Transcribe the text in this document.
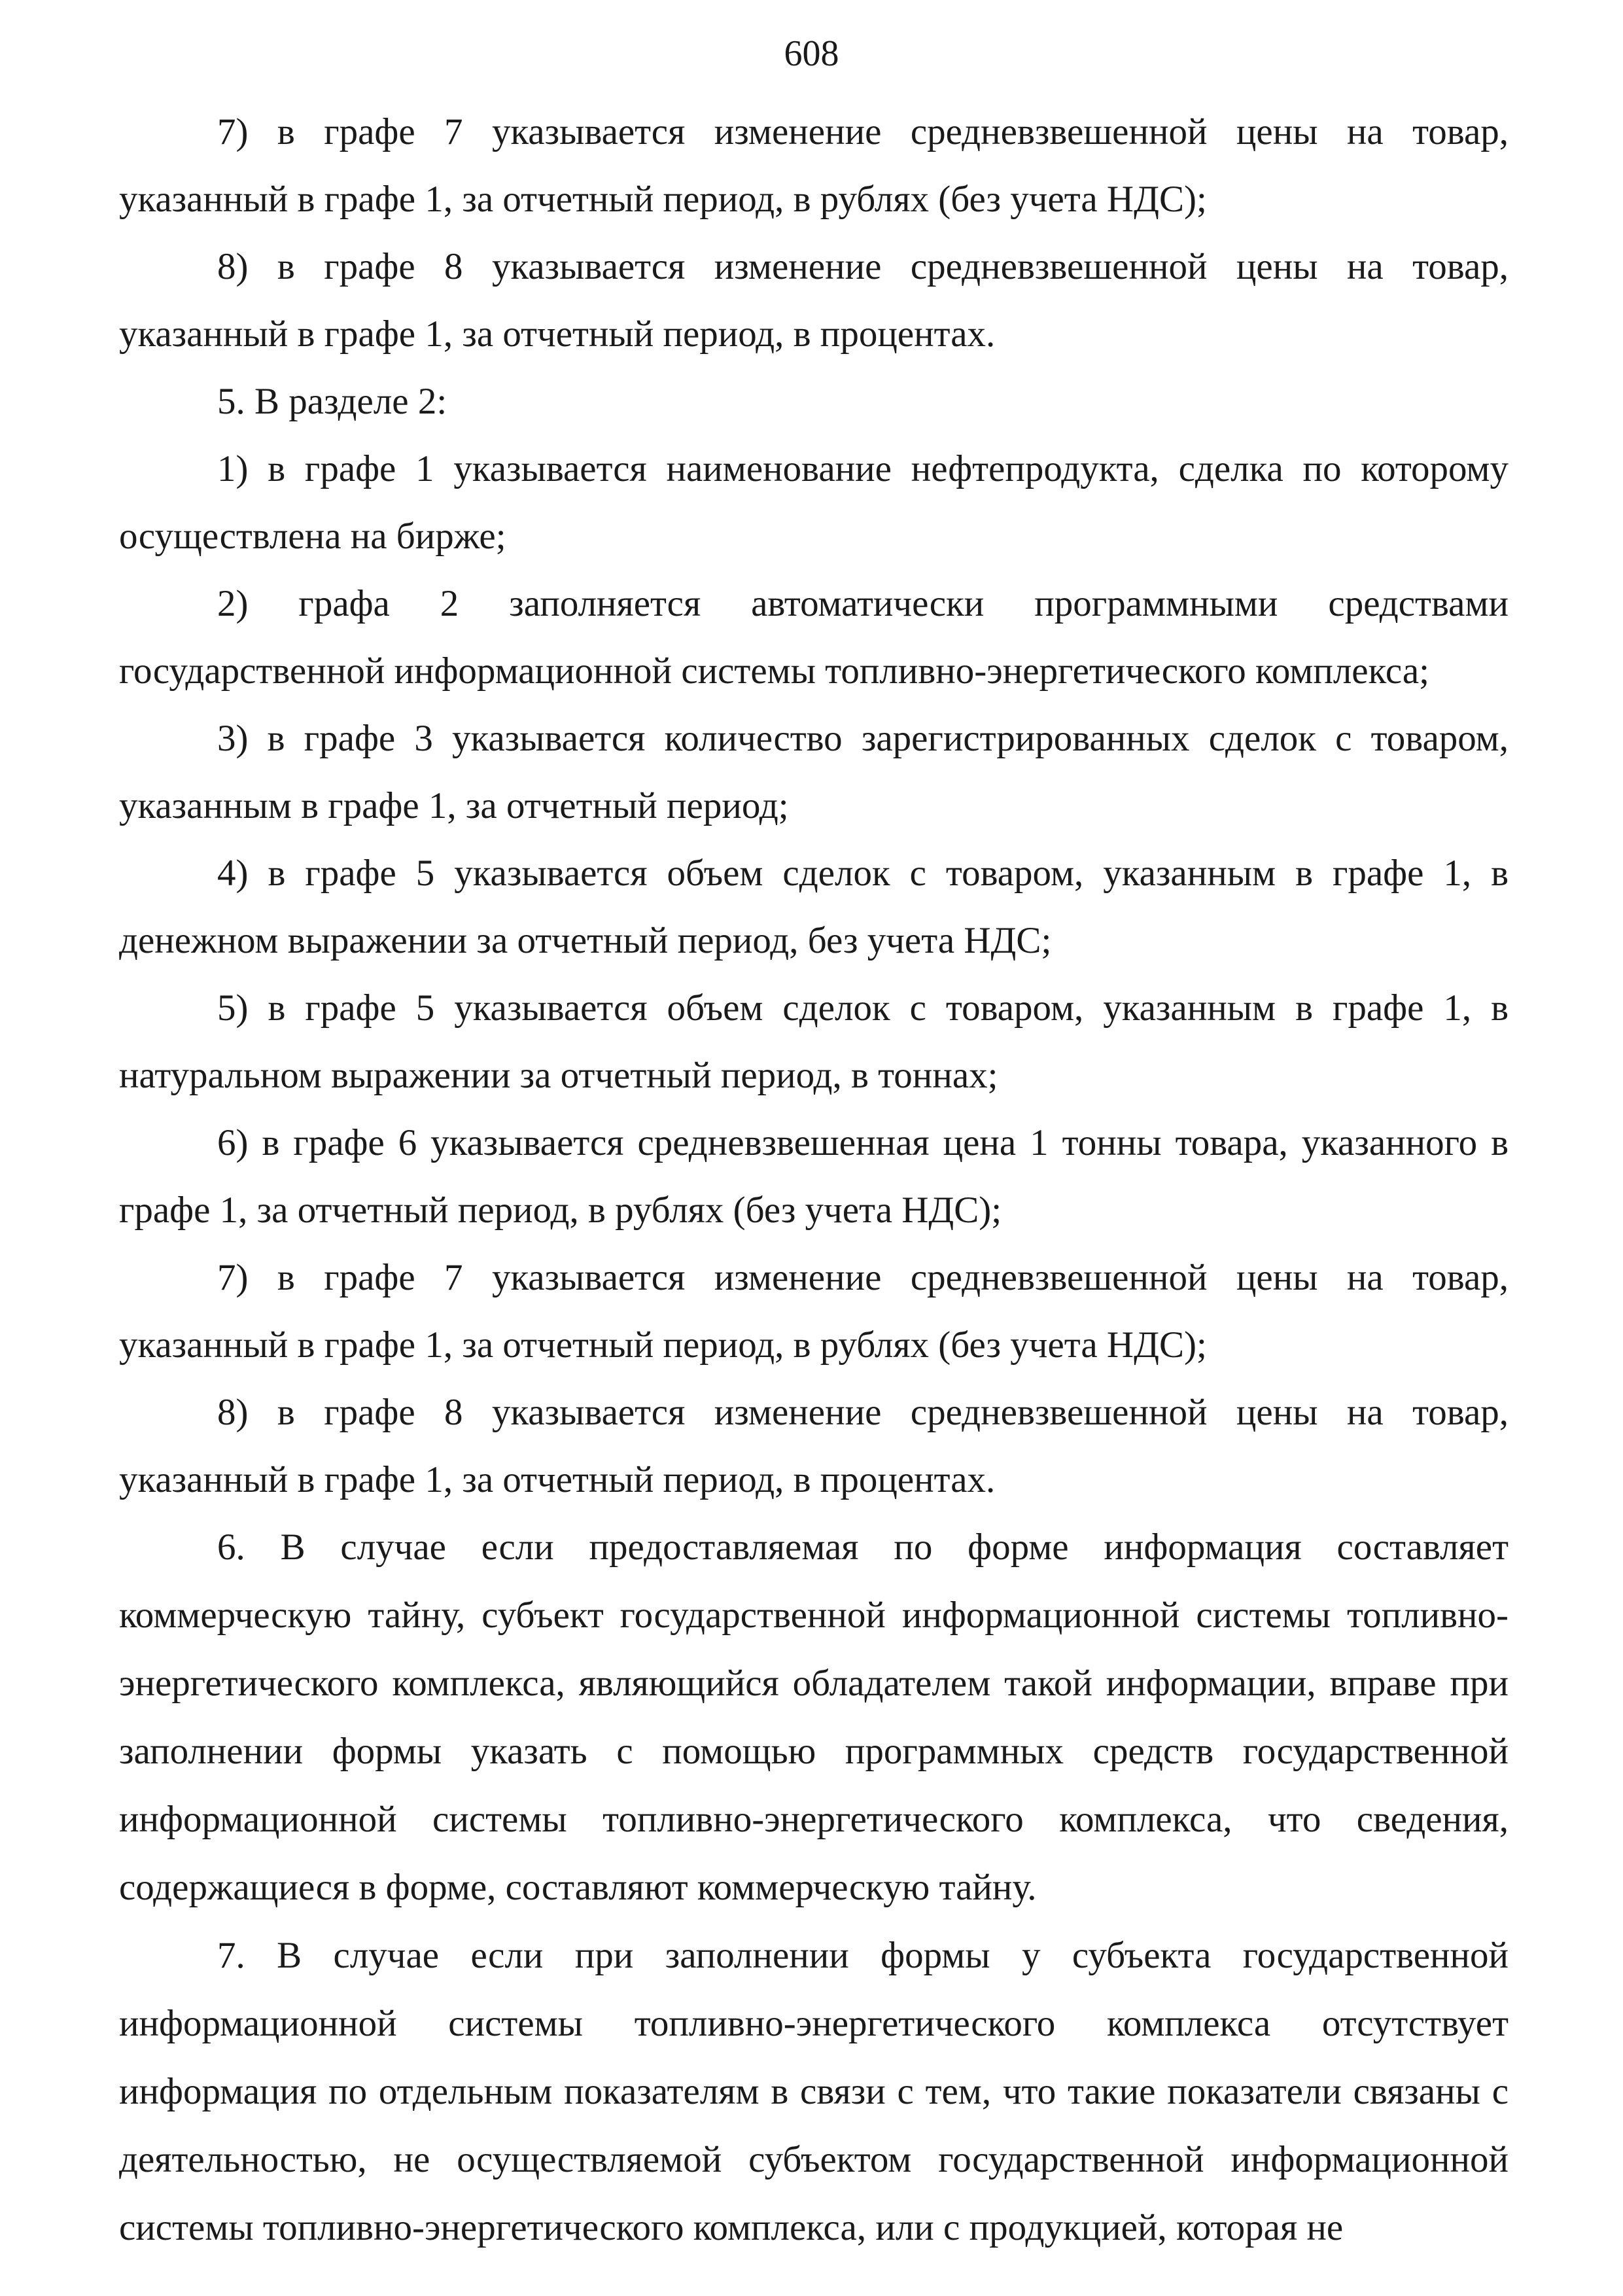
608

7) в графе 7 указывается изменение средневзвешенной цены на товар, указанный в графе 1, за отчетный период, в рублях (без учета НДС);

8) в графе 8 указывается изменение средневзвешенной цены на товар, указанный в графе 1, за отчетный период, в процентах.

5. В разделе 2:

1) в графе 1 указывается наименование нефтепродукта, сделка по которому осуществлена на бирже;

2) графа 2 заполняется автоматически программными средствами государственной информационной системы топливно-энергетического комплекса;

3) в графе 3 указывается количество зарегистрированных сделок с товаром, указанным в графе 1, за отчетный период;

4) в графе 5 указывается объем сделок с товаром, указанным в графе 1, в денежном выражении за отчетный период, без учета НДС;

5) в графе 5 указывается объем сделок с товаром, указанным в графе 1, в натуральном выражении за отчетный период, в тоннах;

6) в графе 6 указывается средневзвешенная цена 1 тонны товара, указанного в графе 1, за отчетный период, в рублях (без учета НДС);

7) в графе 7 указывается изменение средневзвешенной цены на товар, указанный в графе 1, за отчетный период, в рублях (без учета НДС);

8) в графе 8 указывается изменение средневзвешенной цены на товар, указанный в графе 1, за отчетный период, в процентах.

6. В случае если предоставляемая по форме информация составляет коммерческую тайну, субъект государственной информационной системы топливно-энергетического комплекса, являющийся обладателем такой информации, вправе при заполнении формы указать с помощью программных средств государственной информационной системы топливно-энергетического комплекса, что сведения, содержащиеся в форме, составляют коммерческую тайну.

7. В случае если при заполнении формы у субъекта государственной информационной системы топливно-энергетического комплекса отсутствует информация по отдельным показателям в связи с тем, что такие показатели связаны с деятельностью, не осуществляемой субъектом государственной информационной системы топливно-энергетического комплекса, или с продукцией, которая не
